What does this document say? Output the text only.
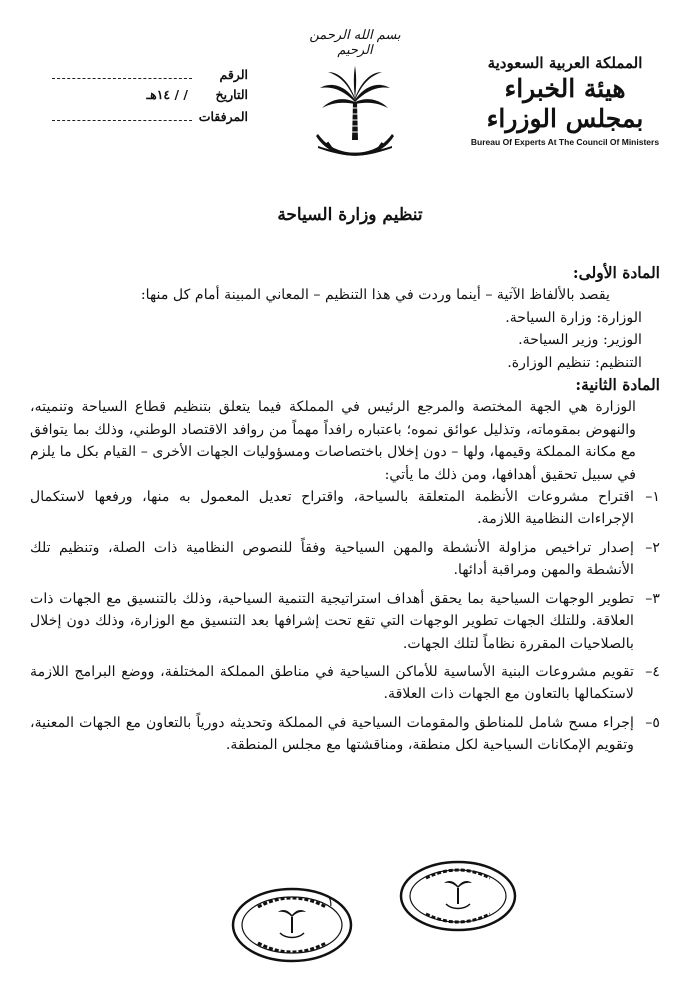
المملكة العربية السعودية
هيئة الخبراء بمجلس الوزراء
Bureau Of Experts At The Council Of Ministers
بسم الله الرحمن الرحيم
الرقم
التاريخ
/ / ١٤هـ
المرفقات
تنظيم وزارة السياحة

المادة الأولى:

يقصد بالألفاظ الآتية – أينما وردت في هذا التنظيم – المعاني المبينة أمام كل منها:

الوزارة: وزارة السياحة.

الوزير: وزير السياحة.

التنظيم: تنظيم الوزارة.

المادة الثانية:

الوزارة هي الجهة المختصة والمرجع الرئيس في المملكة فيما يتعلق بتنظيم قطاع السياحة وتنميته، والنهوض بمقوماته، وتذليل عوائق نموه؛ باعتباره رافداً مهماً من روافد الاقتصاد الوطني، وذلك بما يتوافق مع مكانة المملكة وقيمها، ولها – دون إخلال باختصاصات ومسؤوليات الجهات الأخرى – القيام بكل ما يلزم في سبيل تحقيق أهدافها، ومن ذلك ما يأتي:

١–
اقتراح مشروعات الأنظمة المتعلقة بالسياحة، واقتراح تعديل المعمول به منها، ورفعها لاستكمال الإجراءات النظامية اللازمة.
٢–
إصدار تراخيص مزاولة الأنشطة والمهن السياحية وفقاً للنصوص النظامية ذات الصلة، وتنظيم تلك الأنشطة والمهن ومراقبة أدائها.
٣–
تطوير الوجهات السياحية بما يحقق أهداف استراتيجية التنمية السياحية، وذلك بالتنسيق مع الجهات ذات العلاقة. وللتلك الجهات تطوير الوجهات التي تقع تحت إشرافها بعد التنسيق مع الوزارة، وذلك دون إخلال بالصلاحيات المقررة نظاماً لتلك الجهات.
٤–
تقويم مشروعات البنية الأساسية للأماكن السياحية في مناطق المملكة المختلفة، ووضع البرامج اللازمة لاستكمالها بالتعاون مع الجهات ذات العلاقة.
٥–
إجراء مسح شامل للمناطق والمقومات السياحية في المملكة وتحديثه دورياً بالتعاون مع الجهات المعنية، وتقويم الإمكانات السياحية لكل منطقة، ومناقشتها مع مجلس المنطقة.
١
